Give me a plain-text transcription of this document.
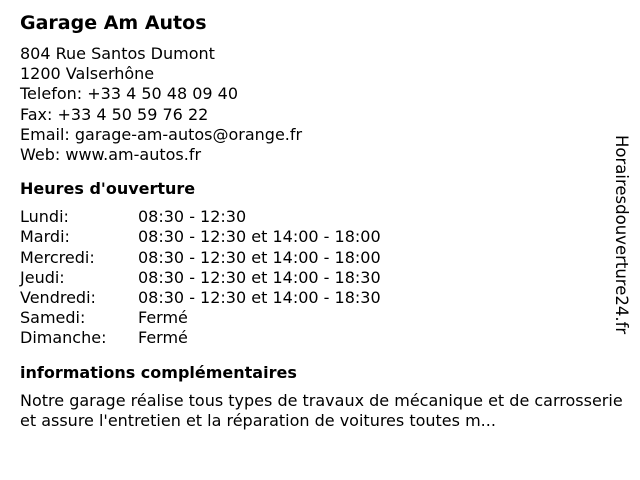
Garage Am Autos
804 Rue Santos Dumont
1200 Valserhône
Telefon: +33 4 50 48 09 40
Fax: +33 4 50 59 76 22
Email: garage-am-autos@orange.fr
Web: www.am-autos.fr
Heures d'ouverture
Lundi:	08:30 - 12:30
Mardi:	08:30 - 12:30 et 14:00 - 18:00
Mercredi:	08:30 - 12:30 et 14:00 - 18:00
Jeudi:	08:30 - 12:30 et 14:00 - 18:30
Vendredi:	08:30 - 12:30 et 14:00 - 18:30
Samedi:	Fermé
Dimanche:	Fermé
informations complémentaires
Notre garage réalise tous types de travaux de mécanique et de carrosserie et assure l'entretien et la réparation de voitures toutes m...
Horairesdouverture24.fr
